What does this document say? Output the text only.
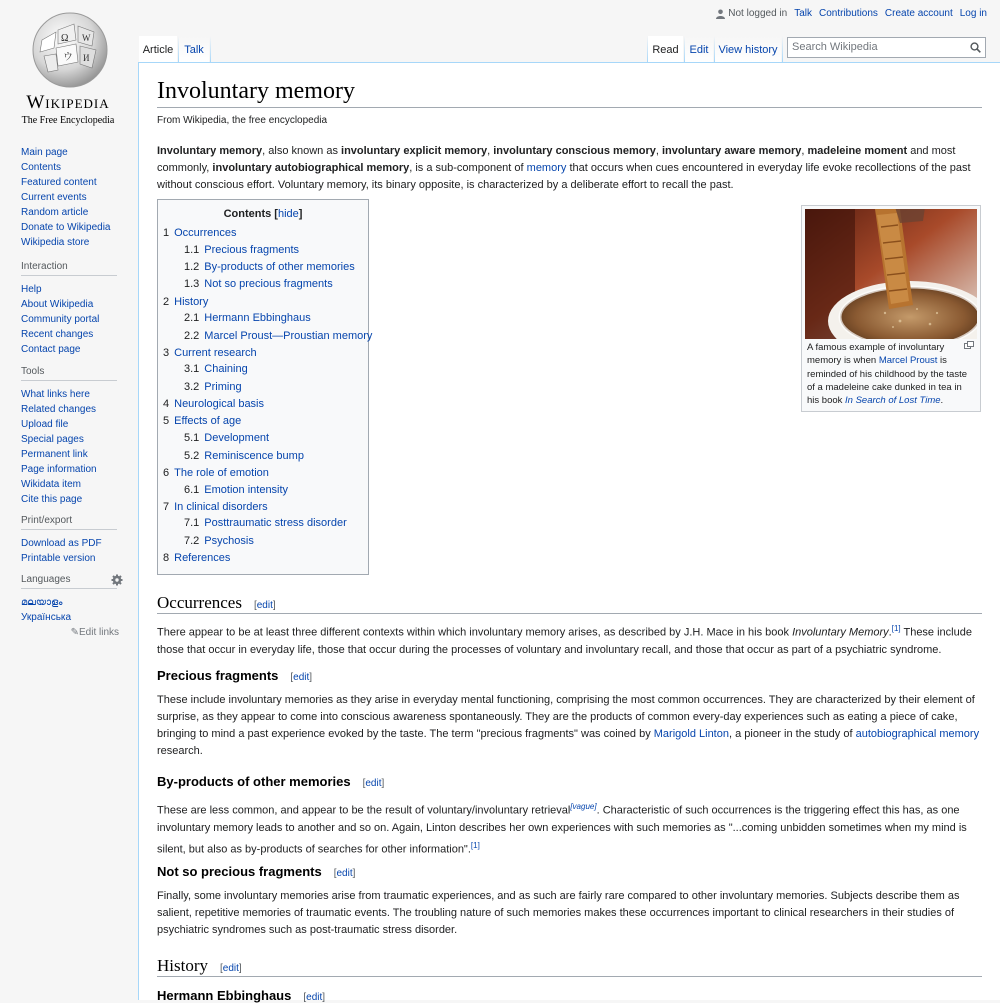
Ω W
ウ И
Wikipedia
The Free Encyclopedia
Main page
Contents
Featured content
Current events
Random article
Donate to Wikipedia
Wikipedia store
Interaction
Help
About Wikipedia
Community portal
Recent changes
Contact page
Tools
What links here
Related changes
Upload file
Special pages
Permanent link
Page information
Wikidata item
Cite this page
Print/export
Download as PDF
Printable version
Languages
മലയാളം
Українська
✎Edit links
Not logged in Talk Contributions Create account Log in
Article Talk	Read Edit View history	Search Wikipedia
Involuntary memory
From Wikipedia, the free encyclopedia
Involuntary memory, also known as involuntary explicit memory, involuntary conscious memory, involuntary aware memory, madeleine moment and most commonly, involuntary autobiographical memory, is a sub-component of memory that occurs when cues encountered in everyday life evoke recollections of the past without conscious effort. Voluntary memory, its binary opposite, is characterized by a deliberate effort to recall the past.
Contents [hide]
1 Occurrences
1.1 Precious fragments
1.2 By-products of other memories
1.3 Not so precious fragments
2 History
2.1 Hermann Ebbinghaus
2.2 Marcel Proust—Proustian memory
3 Current research
3.1 Chaining
3.2 Priming
4 Neurological basis
5 Effects of age
5.1 Development
5.2 Reminiscence bump
6 The role of emotion
6.1 Emotion intensity
7 In clinical disorders
7.1 Posttraumatic stress disorder
7.2 Psychosis
8 References
A famous example of involuntary memory is when Marcel Proust is reminded of his childhood by the taste of a madeleine cake dunked in tea in his book In Search of Lost Time.
Occurrences [edit]
There appear to be at least three different contexts within which involuntary memory arises, as described by J.H. Mace in his book Involuntary Memory.[1] These include those that occur in everyday life, those that occur during the processes of voluntary and involuntary recall, and those that occur as part of a psychiatric syndrome.
Precious fragments [edit]
These include involuntary memories as they arise in everyday mental functioning, comprising the most common occurrences. They are characterized by their element of surprise, as they appear to come into conscious awareness spontaneously. They are the products of common every-day experiences such as eating a piece of cake, bringing to mind a past experience evoked by the taste. The term "precious fragments" was coined by Marigold Linton, a pioneer in the study of autobiographical memory research.
By-products of other memories [edit]
These are less common, and appear to be the result of voluntary/involuntary retrieval[vague]. Characteristic of such occurrences is the triggering effect this has, as one involuntary memory leads to another and so on. Again, Linton describes her own experiences with such memories as "...coming unbidden sometimes when my mind is silent, but also as by-products of searches for other information".[1]
Not so precious fragments [edit]
Finally, some involuntary memories arise from traumatic experiences, and as such are fairly rare compared to other involuntary memories. Subjects describe them as salient, repetitive memories of traumatic events. The troubling nature of such memories makes these occurrences important to clinical researchers in their studies of psychiatric syndromes such as post-traumatic stress disorder.
History [edit]
Hermann Ebbinghaus [edit]
